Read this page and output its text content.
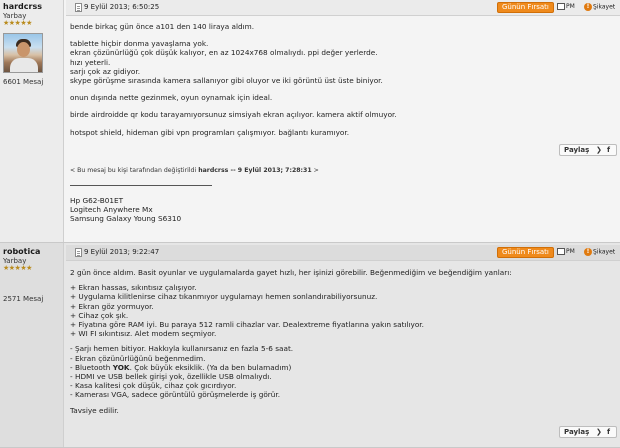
hardcrss
Yarbay
★★★★★
6601 Mesaj
9 Eylül 2013; 6:50:25	Günün Fırsatı	PM	! Şikayet

bende birkaç gün önce a101 den 140 liraya aldım.

tablette hiçbir donma yavaşlama yok.

ekran çözünürlüğü çok düşük kalıyor, en az 1024x768 olmalıydı. ppi değer yerlerde.

hızı yeterli.

sarjı çok az gidiyor.

skype görüşme sırasında kamera sallanıyor gibi oluyor ve iki görüntü üst üste biniyor.

onun dışında nette gezinmek, oyun oynamak için ideal.

birde airdroidde qr kodu tarayamıyorsunuz simsiyah ekran açılıyor. kamera aktif olmuyor.

hotspot shield, hideman gibi vpn programları çalışmıyor. bağlantı kuramıyor.

Paylaş ❯ f

< Bu mesaj bu kişi tarafından değiştirildi hardcrss -- 9 Eylül 2013; 7:28:31 >

Hp G62-B01ET

Logitech Anywhere Mx

Samsung Galaxy Young S6310

robotica
Yarbay
★★★★★
2571 Mesaj
9 Eylül 2013; 9:22:47	Günün Fırsatı	PM	! Şikayet

2 gün önce aldım. Basit oyunlar ve uygulamalarda gayet hızlı, her işinizi görebilir. Beğenmediğim ve beğendiğim yanları:

+ Ekran hassas, sıkıntısız çalışıyor.

+ Uygulama kilitlenirse cihaz tıkanmıyor uygulamayı hemen sonlandırabiliyorsunuz.

+ Ekran göz yormuyor.

+ Cihaz çok şık.

+ Fiyatına göre RAM iyi. Bu paraya 512 ramli cihazlar var. Dealextreme fiyatlarına yakın satılıyor.

+ WI FI sıkıntısız. Alet modem seçmiyor.

- Şarjı hemen bitiyor. Hakkıyla kullanırsanız en fazla 5-6 saat.

- Ekran çözünürlüğünü beğenmedim.

- Bluetooth YOK. Çok büyük eksiklik. (Ya da ben bulamadım)

- HDMI ve USB bellek girişi yok, özellikle USB olmalıydı.

- Kasa kalitesi çok düşük, cihaz çok gıcırdıyor.

- Kamerası VGA, sadece görüntülü görüşmelerde iş görür.

Tavsiye edilir.

Paylaş ❯ f
